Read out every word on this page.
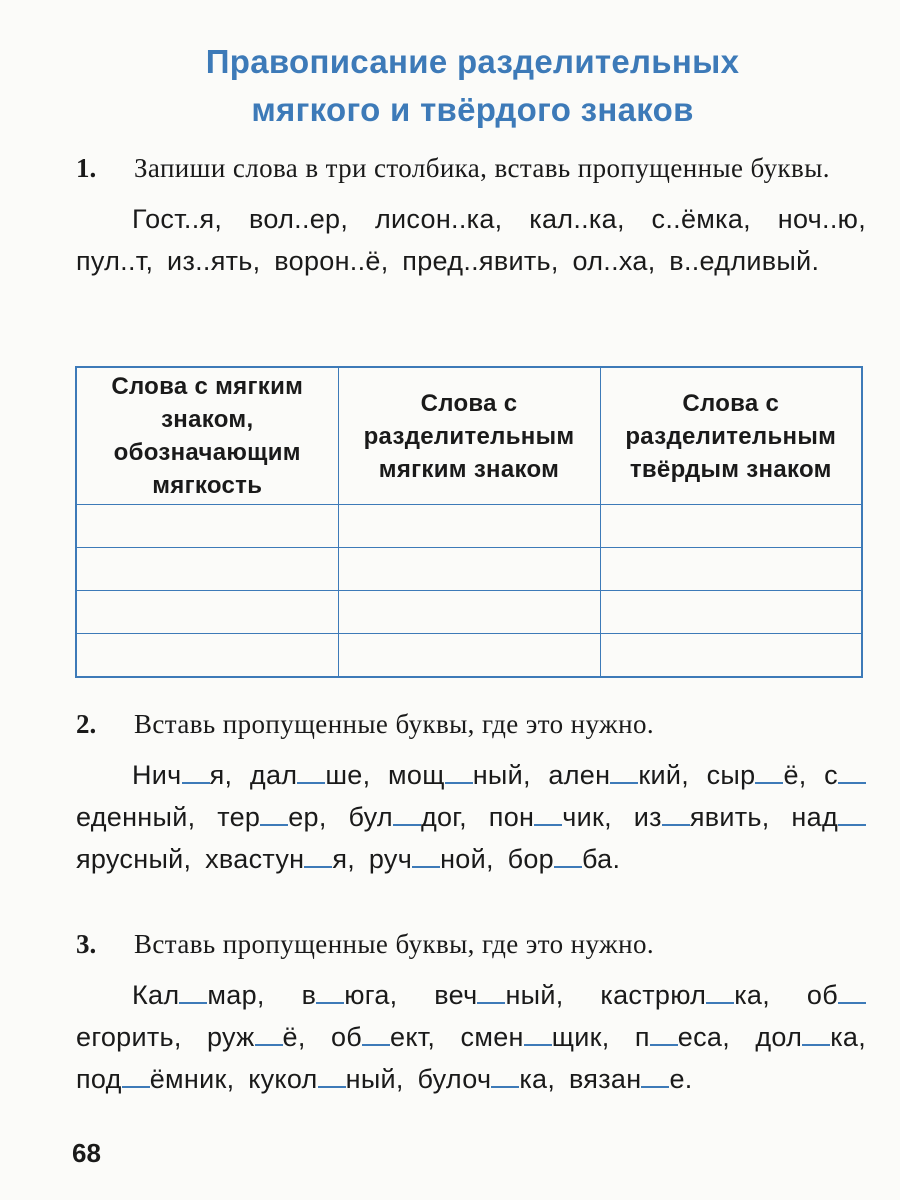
Правописание разделительных
мягкого и твёрдого знаков
1.	Запиши слова в три столбика, вставь пропущенные буквы.
Гост..я, вол..ер, лисон..ка, кал..ка, с..ёмка, ноч..ю, пул..т, из..ять, ворон..ё, пред..явить, ол..ха, в..едливый.
Слова с мягким знаком, обозначающим мягкость	Слова с разделительным мягким знаком	Слова с разделительным твёрдым знаком

2.	Вставь пропущенные буквы, где это нужно.
Нич я, дал ше, мощ ный, ален кий, сыр ё, седенный, тер ер, бул дог, пон чик, из явить, надярусный, хвастун я, руч ной, бор ба.
3.	Вставь пропущенные буквы, где это нужно.
Кал мар, в юга, веч ный, кастрюл ка, обегорить, руж ё, об ект, смен щик, п еса, дол ка, под ёмник, кукол ный, булоч ка, вязан е.
68
